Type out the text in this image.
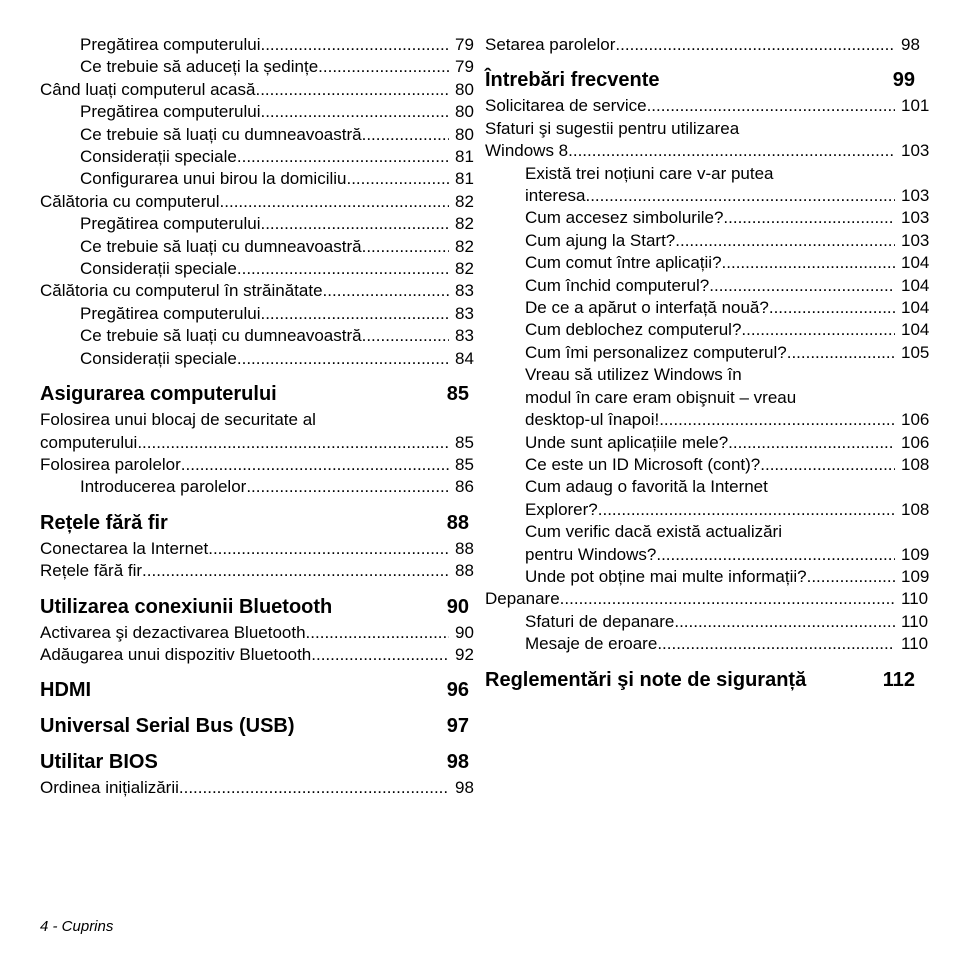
Pregătirea computerului .....	79
Ce trebuie să aduceți la ședințe .....	79
Când luați computerul acasă .....	80
Pregătirea computerului .....	80
Ce trebuie să luați cu dumneavoastră .....	80
Considerații speciale .....	81
Configurarea unui birou la domiciliu .....	81
Călătoria cu computerul .....	82
Pregătirea computerului .....	82
Ce trebuie să luați cu dumneavoastră .....	82
Considerații speciale .....	82
Călătoria cu computerul în străinătate .....	83
Pregătirea computerului .....	83
Ce trebuie să luați cu dumneavoastră .....	83
Considerații speciale .....	84
Asigurarea computerului	85
Folosirea unui blocaj de securitate al
computerului .....	85
Folosirea parolelor .....	85
Introducerea parolelor .....	86
Rețele fără fir	88
Conectarea la Internet .....	88
Rețele fără fir .....	88
Utilizarea conexiunii Bluetooth	90
Activarea şi dezactivarea Bluetooth .....	90
Adăugarea unui dispozitiv Bluetooth .....	92
HDMI	96
Universal Serial Bus (USB)	97
Utilitar BIOS	98
Ordinea inițializării .....	98
Setarea parolelor .....	98
Întrebări frecvente	99
Solicitarea de service .....	101
Sfaturi şi sugestii pentru utilizarea
Windows 8 .....	103
Există trei noțiuni care v-ar putea
interesa .....	103
Cum accesez simbolurile? .....	103
Cum ajung la Start? .....	103
Cum comut între aplicații? .....	104
Cum închid computerul? .....	104
De ce a apărut o interfață nouă? .....	104
Cum deblochez computerul? .....	104
Cum îmi personalizez computerul? .....	105
Vreau să utilizez Windows în
modul în care eram obişnuit – vreau
desktop-ul înapoi! .....	106
Unde sunt aplicațiile mele? .....	106
Ce este un ID Microsoft (cont)? .....	108
Cum adaug o favorită la Internet
Explorer? .....	108
Cum verific dacă există actualizări
pentru Windows? .....	109
Unde pot obține mai multe informații? .....	109
Depanare .....	110
Sfaturi de depanare .....	110
Mesaje de eroare .....	110
Reglementări şi note de siguranță	112
4 - Cuprins
